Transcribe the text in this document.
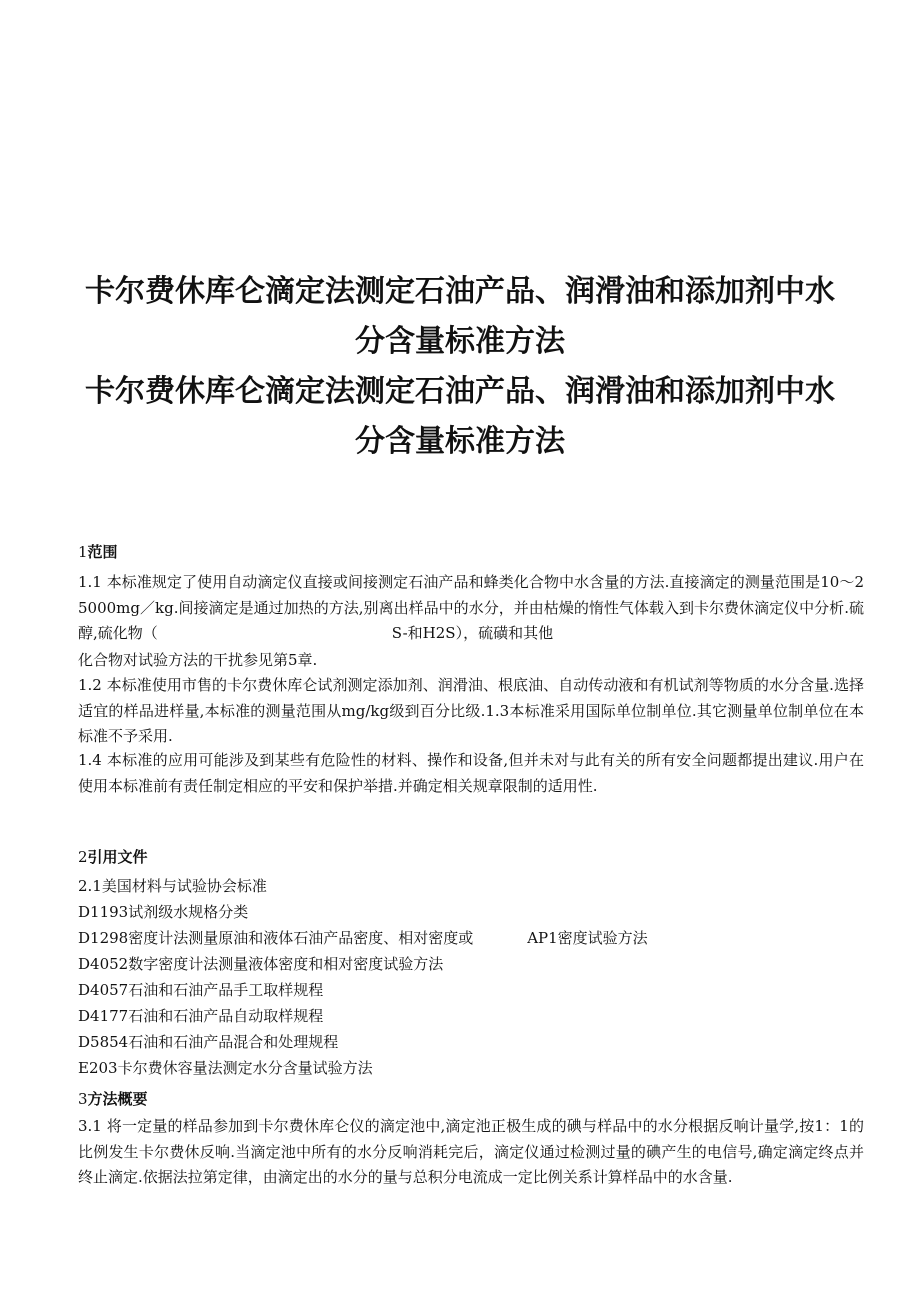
卡尔费休库仑滴定法测定石油产品、润滑油和添加剂中水
分含量标准方法
卡尔费休库仑滴定法测定石油产品、润滑油和添加剂中水
分含量标准方法

1范围

1.1 本标准规定了使用自动滴定仪直接或间接测定石油产品和蜂类化合物中水含量的方法.直接滴定的测量范围是10～25000mg／kg.间接滴定是通过加热的方法,别离出样品中的水分，并由枯燥的惰性气体载入到卡尔费休滴定仪中分析.硫醇,硫化物（	S-和H2S），硫磺和其他

化合物对试验方法的干扰参见第5章.

1.2 本标准使用市售的卡尔费休库仑试剂测定添加剂、润滑油、根底油、自动传动液和有机试剂等物质的水分含量.选择适宜的样品进样量,本标准的测量范围从mg/kg级到百分比级.1.3本标准采用国际单位制单位.其它测量单位制单位在本标准不予采用.

1.4 本标准的应用可能涉及到某些有危险性的材料、操作和设备,但并未对与此有关的所有安全问题都提出建议.用户在使用本标准前有责任制定相应的平安和保护举措.并确定相关规章限制的适用性.

2引用文件

2.1美国材料与试验协会标准

D1193试剂级水规格分类

D1298密度计法测量原油和液体石油产品密度、相对密度或	AP1密度试验方法

D4052数字密度计法测量液体密度和相对密度试验方法

D4057石油和石油产品手工取样规程

D4177石油和石油产品自动取样规程

D5854石油和石油产品混合和处理规程

E203卡尔费休容量法测定水分含量试验方法

3方法概要

3.1 将一定量的样品参加到卡尔费休库仑仪的滴定池中,滴定池正极生成的碘与样品中的水分根据反响计量学,按1：1的比例发生卡尔费休反响.当滴定池中所有的水分反响消耗完后，滴定仪通过检测过量的碘产生的电信号,确定滴定终点并终止滴定.依据法拉第定律，由滴定出的水分的量与总积分电流成一定比例关系计算样品中的水含量.
